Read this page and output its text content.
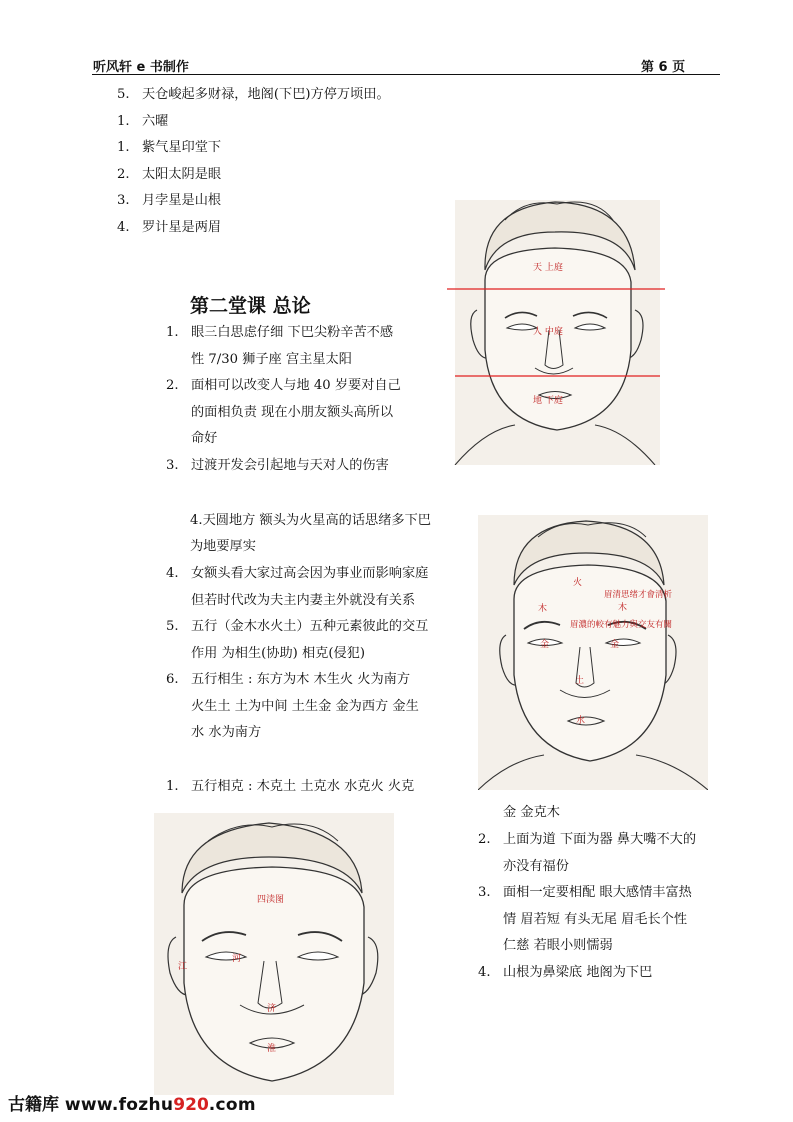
听风轩 e 书制作	第 6 页
5. 天仓峻起多财禄，地阁(下巴)方停万顷田。
1. 六曜
1. 紫气星印堂下
2. 太阳太阴是眼
3. 月孛星是山根
4. 罗计星是两眉
第二堂课 总论
1. 眼三白思虑仔细 下巴尖粉辛苦不感
性 7/30 狮子座 宫主星太阳
2. 面相可以改变人与地 40 岁要对自己
的面相负责 现在小朋友额头高所以
命好
3. 过渡开发会引起地与天对人的伤害
4.天圆地方 额头为火星高的话思绪多下巴
为地要厚实
4. 女额头看大家过高会因为事业而影响家庭
但若时代改为夫主内妻主外就没有关系
5. 五行（金木水火土）五种元素彼此的交互
作用 为相生(协助) 相克(侵犯)
6. 五行相生 : 东方为木 木生火 火为南方
火生土 土为中间 土生金 金为西方 金生
水 水为南方
1. 五行相克 : 木克土 土克水 水克火 火克
金 金克木
2. 上面为道 下面为器 鼻大嘴不大的
亦没有福份
3. 面相一定要相配 眼大感情丰富热
情 眉若短 有头无尾 眉毛长个性
仁慈 若眼小则懦弱
4. 山根为鼻梁底 地阁为下巴
天 上庭
人 中庭
地 下庭
火
木	木
眉清思绪才會清析
眉濃的較有魅力與交友有關
金	金
土
水
四渎图
江
河
济
淮
古籍库 www.fozhu920.com
